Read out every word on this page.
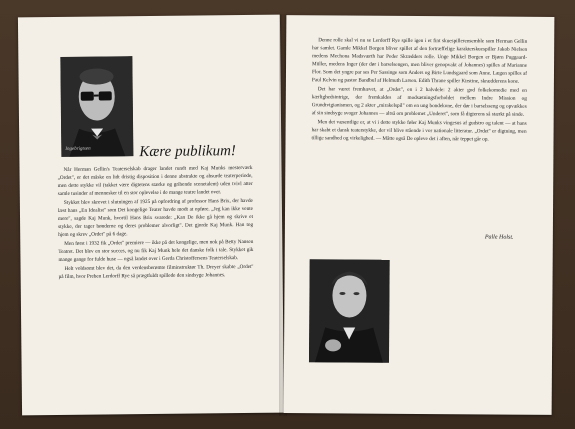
Ingebrigtsen	Kære publikum!

Når Herman Gellin's Teaterselskab drager landet rundt med Kaj Munks mesterværk „Ordet", er det måske en lidt dristig disposition i denne abstrakte og absurde teaterperiode, men dette stykke vil (takket være digtetens stærke og gribende scenetalent) uden tvivl atter samle tusinder af mennesker til en stor oplevelse i de mange teatre landet over.

Stykket blev skrevet i slutningen af 1925 på opfordring af professor Hans Brix, der havde læst hans „En Idealist" som Det kongelige Teater havde modt at opføre. „Jeg kan ikke vente mere", sagde Kaj Munk, hvortil Hans Brix svarede: „Kan De ikke gå hjem og skrive et stykke, der tager bønderne og deres problemer alvorligt". Det gjorde Kaj Munk. Han tog hjem og skrev „Ordet" på 6 dage.

Men først i 1932 fik „Ordet" premiere — ikke på det kongelige, men nok på Betty Nansen Teatret. Det blev en stor succes, og nu fik Kaj Munk hele det danske folk i tale. Stykket gik mange gange for fulde huse — også landet over i Gerda Christoffersens Teaterselskab.

Helt voldsomt blev det, da den verdensberømte filminstruktør Th. Dreyer skabte „Ordet" på film, hvor Preben Lerdorff Rye så prægtfuldt spillede den sindsyge Johannes.

Denne rolle skal vi nu se Lerdorff Rye spille igen i et fint skuespillerensemble som Herman Gellin har samlet. Gamle Mikkel Borgen bliver spillet af den fortræffelige karakterskuespiller Jakob Nielsen medens Mechona Madsværth har Peder Skrædders rolle. Unge Mikkel Borgen er Bjørn Puggaard-Müller, medens Inger (der dør i barselsengen, men bliver genopvakt af Johannes) spilles af Marianne Flor. Som det yngre par ses Per Sassinge som Anders og Birte Lundsgaard som Anne. Lægen spilles af Paul Kelvin og pastor Bandbul af Helmuth Larsen. Edith Thrane spiller Kirstine, skrædderens kone.

Det har været fremhævet, at „Ordet", en i 2 halvdele: 2 akter god folkekomedie med en kærlighedsintrige, der fremkaldes af modsætningsforholdet mellem Indre Mission og Grundtvigianismen, og 2 akter „mirakelspil" om en ung bondekone, der dør i barselsseng og opvækkes af sin sindsyge svoger Johannes — altså om problemet „Underet", som få digterens så stærkt på sinde.

Men det væsentlige er, at vi i dette stykke føler Kaj Munks vingesus af gudstro og talent — at hans har skabt et dansk teaterstykke, der vil blive stående i vor nationale litteratur. „Ordet" er digtning, men tillige sandhed og virkelighed. — Måtte også De opleve det i aften, når teppet går op.

Palle Holst.
